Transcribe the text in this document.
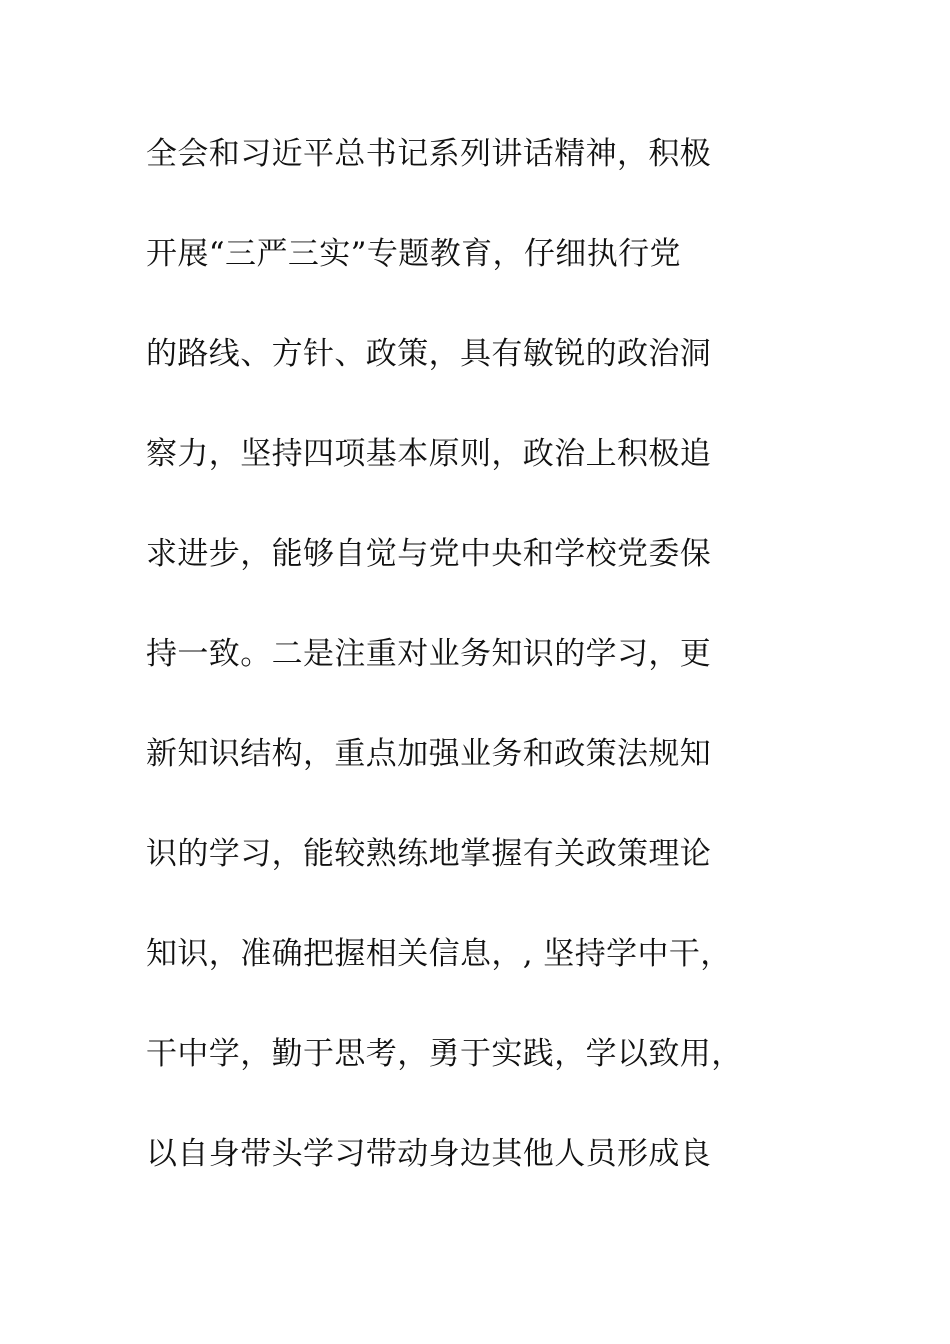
全会和习近平总书记系列讲话精神，积极
开展“三严三实”专题教育，仔细执行党
的路线、方针、政策，具有敏锐的政治洞
察力，坚持四项基本原则，政治上积极追
求进步，能够自觉与党中央和学校党委保
持一致。二是注重对业务知识的学习，更
新知识结构，重点加强业务和政策法规知
识的学习，能较熟练地掌握有关政策理论
知识，准确把握相关信息，, 坚持学中干，
干中学，勤于思考，勇于实践，学以致用，
以自身带头学习带动身边其他人员形成良
